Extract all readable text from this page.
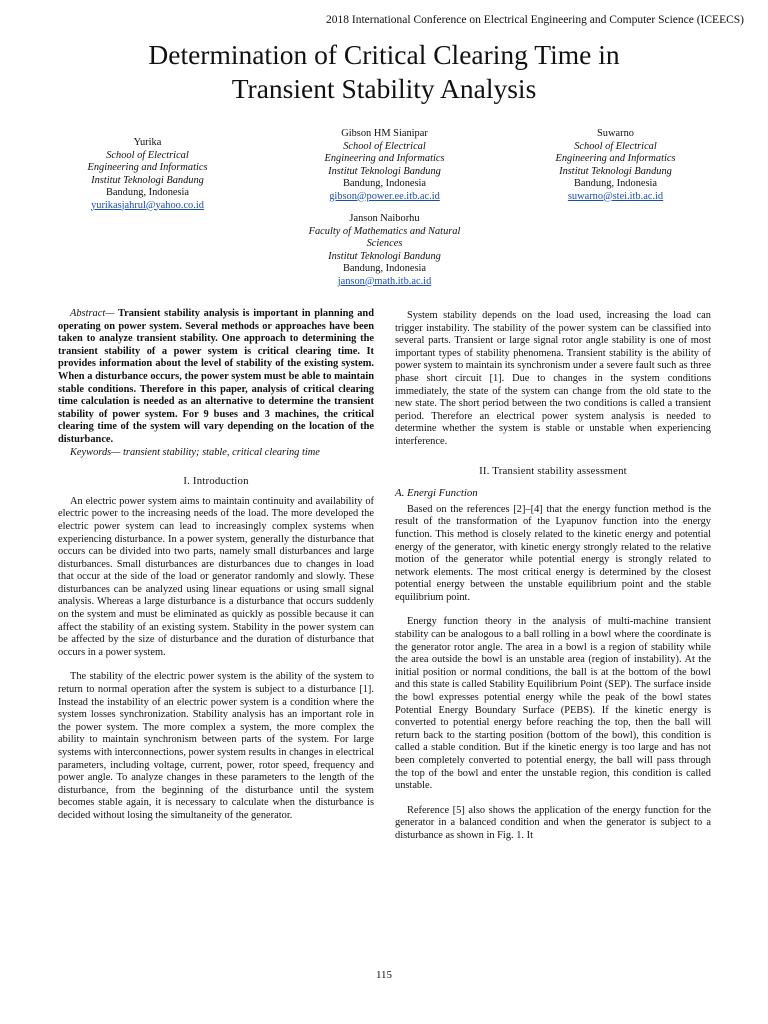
2018 International Conference on Electrical Engineering and Computer Science (ICEECS)
Determination of Critical Clearing Time in
Transient Stability Analysis
Yurika
School of Electrical
Engineering and Informatics
Institut Teknologi Bandung
Bandung, Indonesia
yurikasjahrul@yahoo.co.id
Gibson HM Sianipar
School of Electrical
Engineering and Informatics
Institut Teknologi Bandung
Bandung, Indonesia
gibson@power.ee.itb.ac.id
Suwarno
School of Electrical
Engineering and Informatics
Institut Teknologi Bandung
Bandung, Indonesia
suwarno@stei.itb.ac.id
Janson Naiborhu
Faculty of Mathematics and Natural
Sciences
Institut Teknologi Bandung
Bandung, Indonesia
janson@math.itb.ac.id

Abstract— Transient stability analysis is important in planning and operating on power system. Several methods or approaches have been taken to analyze transient stability. One approach to determining the transient stability of a power system is critical clearing time. It provides information about the level of stability of the existing system. When a disturbance occurs, the power system must be able to maintain stable conditions. Therefore in this paper, analysis of critical clearing time calculation is needed as an alternative to determine the transient stability of power system. For 9 buses and 3 machines, the critical clearing time of the system will vary depending on the location of the disturbance.

Keywords— transient stability; stable, critical clearing time

I. Introduction

An electric power system aims to maintain continuity and availability of electric power to the increasing needs of the load. The more developed the electric power system can lead to increasingly complex systems when experiencing disturbance. In a power system, generally the disturbance that occurs can be divided into two parts, namely small disturbances and large disturbances. Small disturbances are disturbances due to changes in load that occur at the side of the load or generator randomly and slowly. These disturbances can be analyzed using linear equations or using small signal analysis. Whereas a large disturbance is a disturbance that occurs suddenly on the system and must be eliminated as quickly as possible because it can affect the stability of an existing system. Stability in the power system can be affected by the size of disturbance and the duration of disturbance that occurs in a power system.

The stability of the electric power system is the ability of the system to return to normal operation after the system is subject to a disturbance [1]. Instead the instability of an electric power system is a condition where the system losses synchronization. Stability analysis has an important role in the power system. The more complex a system, the more complex the ability to maintain synchronism between parts of the system. For large systems with interconnections, power system results in changes in electrical parameters, including voltage, current, power, rotor speed, frequency and power angle. To analyze changes in these parameters to the length of the disturbance, from the beginning of the disturbance until the system becomes stable again, it is necessary to calculate when the disturbance is decided without losing the simultaneity of the generator.

System stability depends on the load used, increasing the load can trigger instability. The stability of the power system can be classified into several parts. Transient or large signal rotor angle stability is one of most important types of stability phenomena. Transient stability is the ability of power system to maintain its synchronism under a severe fault such as three phase short circuit [1]. Due to changes in the system conditions immediately, the state of the system can change from the old state to the new state. The short period between the two conditions is called a transient period. Therefore an electrical power system analysis is needed to determine whether the system is stable or unstable when experiencing interference.

II. Transient stability assessment
A. Energi Function

Based on the references [2]–[4] that the energy function method is the result of the transformation of the Lyapunov function into the energy function. This method is closely related to the kinetic energy and potential energy of the generator, with kinetic energy strongly related to the relative motion of the generator while potential energy is strongly related to network elements. The most critical energy is determined by the closest potential energy between the unstable equilibrium point and the stable equilibrium point.

Energy function theory in the analysis of multi-machine transient stability can be analogous to a ball rolling in a bowl where the coordinate is the generator rotor angle. The area in a bowl is a region of stability while the area outside the bowl is an unstable area (region of instability). At the initial position or normal conditions, the ball is at the bottom of the bowl and this state is called Stability Equilibrium Point (SEP). The surface inside the bowl expresses potential energy while the peak of the bowl states Potential Energy Boundary Surface (PEBS). If the kinetic energy is converted to potential energy before reaching the top, then the ball will return back to the starting position (bottom of the bowl), this condition is called a stable condition. But if the kinetic energy is too large and has not been completely converted to potential energy, the ball will pass through the top of the bowl and enter the unstable region, this condition is called unstable.

Reference [5] also shows the application of the energy function for the generator in a balanced condition and when the generator is subject to a disturbance as shown in Fig. 1. It

115
